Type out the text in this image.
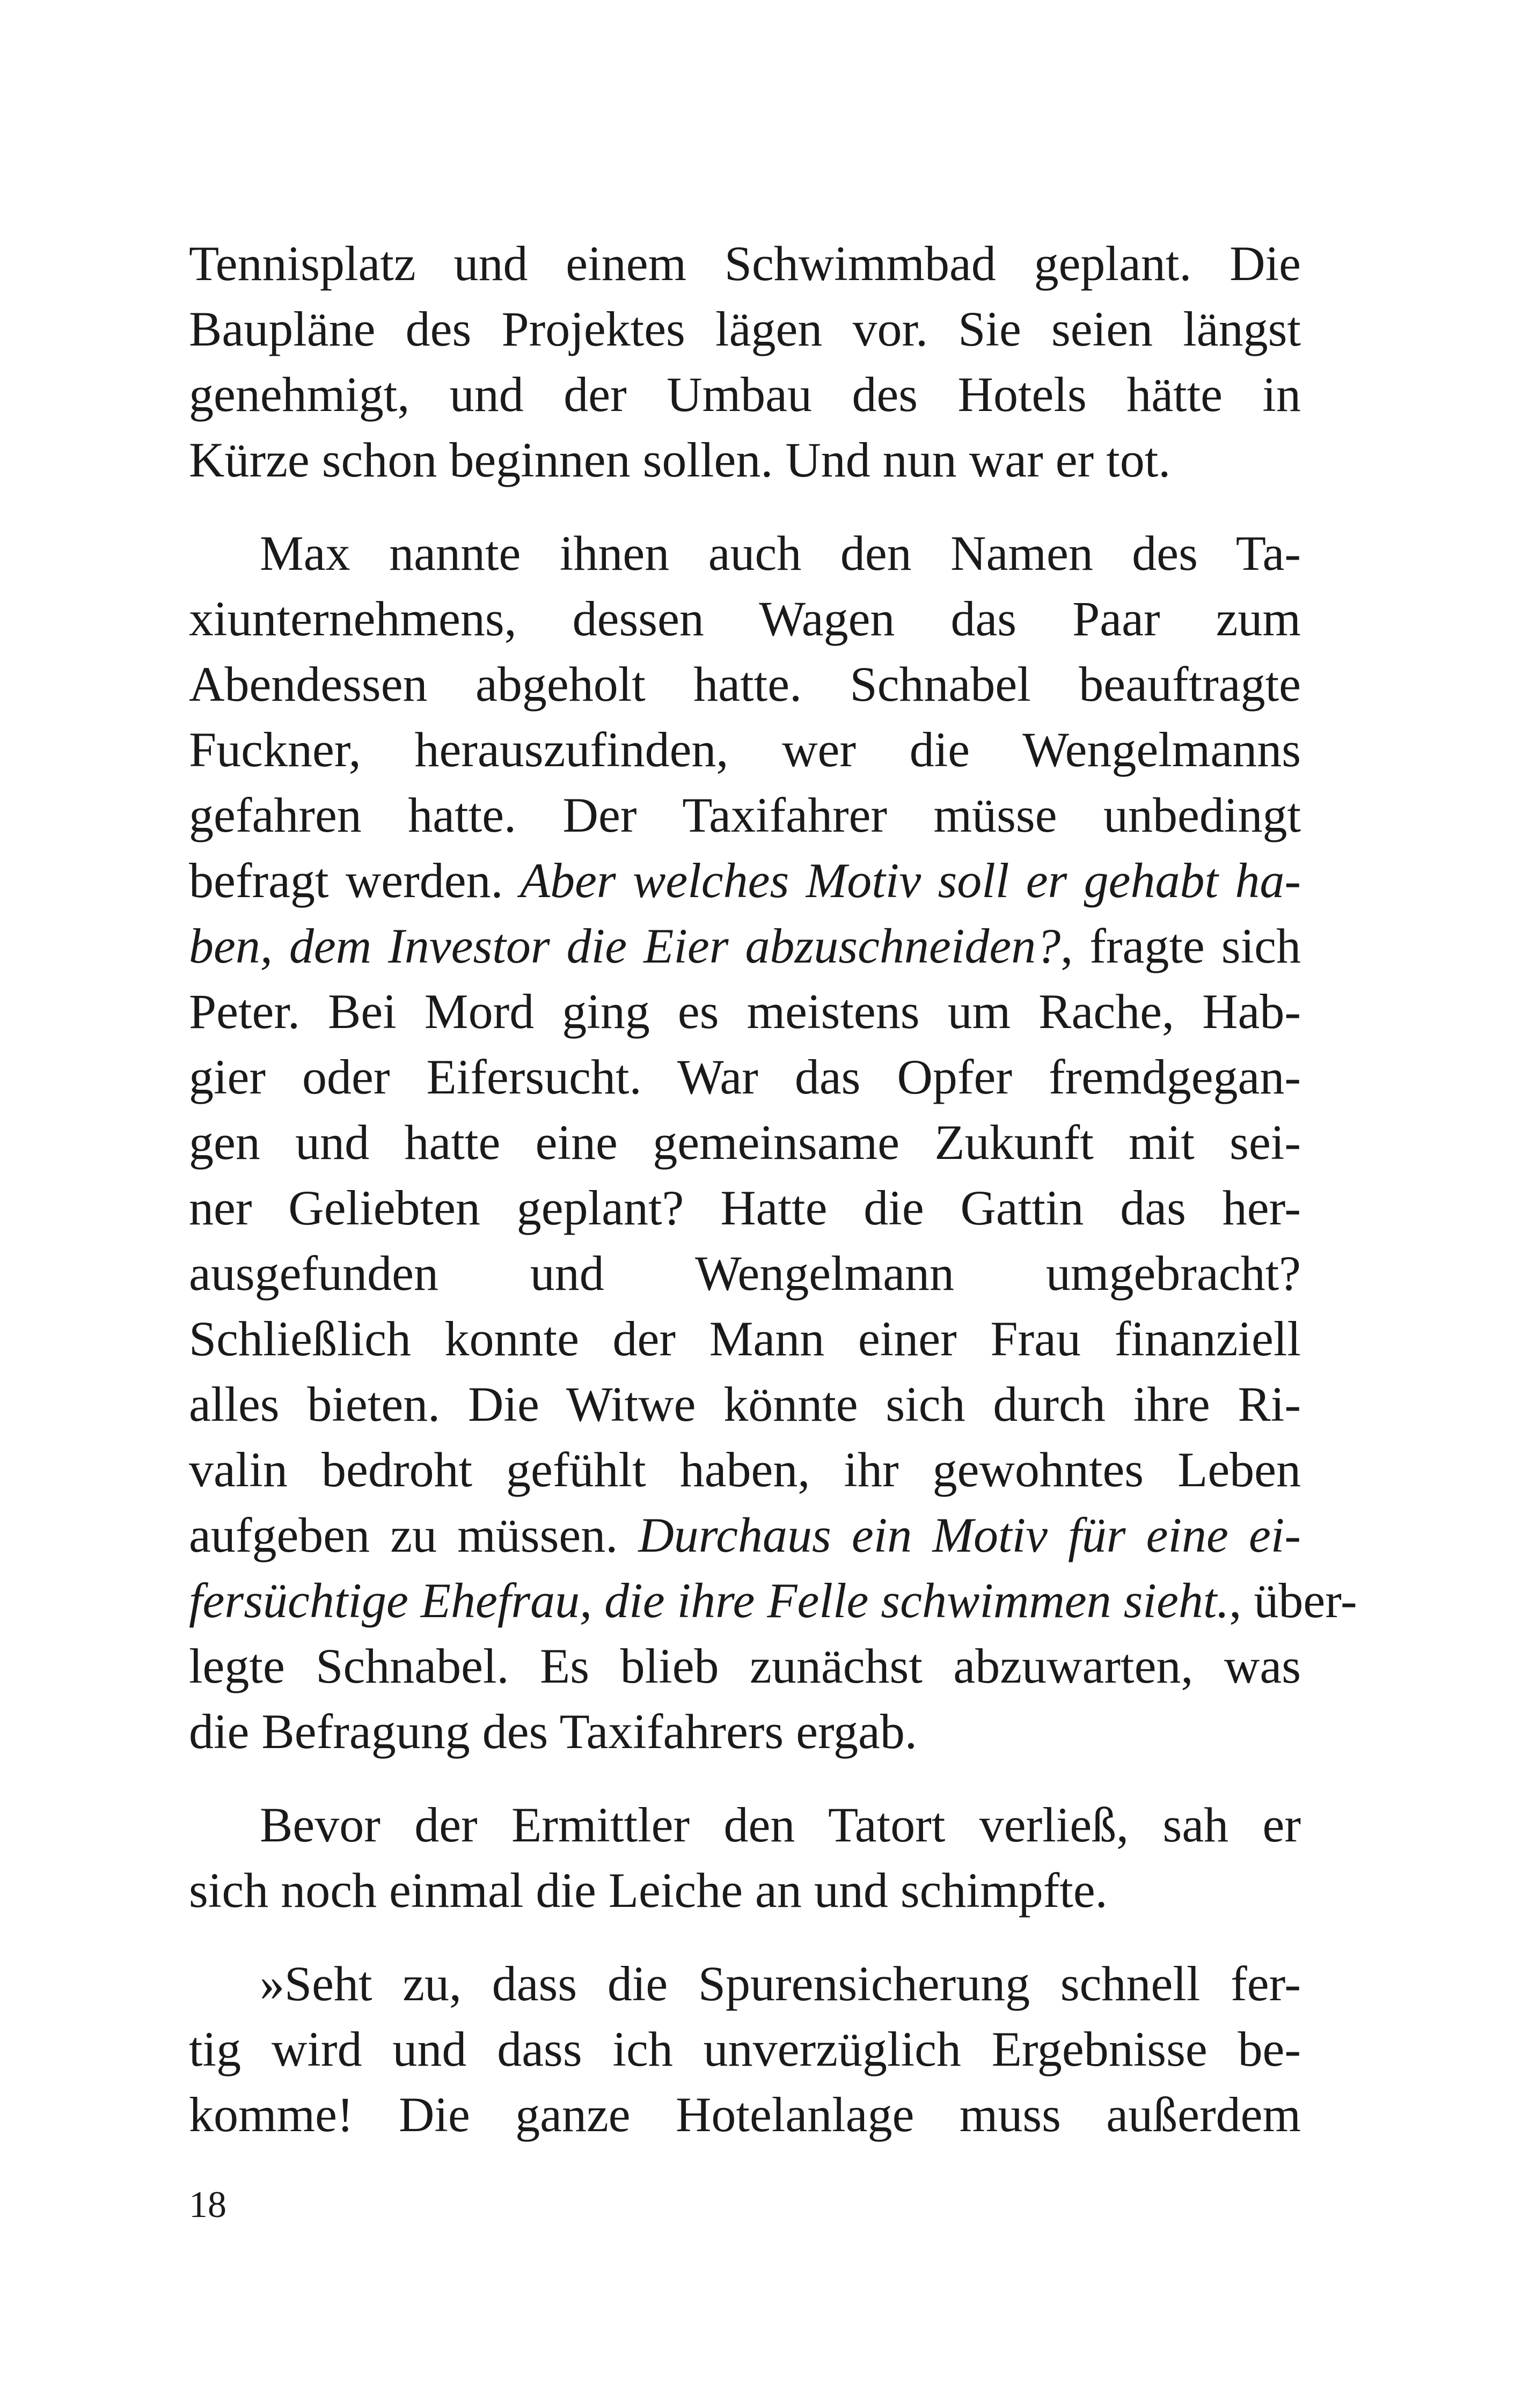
Tennisplatz und einem Schwimmbad geplant. Die
Baupläne des Projektes lägen vor. Sie seien längst
genehmigt, und der Umbau des Hotels hätte in
Kürze schon beginnen sollen. Und nun war er tot.

Max nannte ihnen auch den Namen des Ta-
xiunternehmens, dessen Wagen das Paar zum
Abendessen abgeholt hatte. Schnabel beauftragte
Fuckner, herauszufinden, wer die Wengelmanns
gefahren hatte. Der Taxifahrer müsse unbedingt
befragt werden. Aber welches Motiv soll er gehabt ha-
ben, dem Investor die Eier abzuschneiden?, fragte sich
Peter. Bei Mord ging es meistens um Rache, Hab-
gier oder Eifersucht. War das Opfer fremdgegan-
gen und hatte eine gemeinsame Zukunft mit sei-
ner Geliebten geplant? Hatte die Gattin das her-
ausgefunden und Wengelmann umgebracht?
Schließlich konnte der Mann einer Frau finanziell
alles bieten. Die Witwe könnte sich durch ihre Ri-
valin bedroht gefühlt haben, ihr gewohntes Leben
aufgeben zu müssen. Durchaus ein Motiv für eine ei-
fersüchtige Ehefrau, die ihre Felle schwimmen sieht., über-
legte Schnabel. Es blieb zunächst abzuwarten, was
die Befragung des Taxifahrers ergab.

Bevor der Ermittler den Tatort verließ, sah er
sich noch einmal die Leiche an und schimpfte.

»Seht zu, dass die Spurensicherung schnell fer-
tig wird und dass ich unverzüglich Ergebnisse be-
komme! Die ganze Hotelanlage muss außerdem

18
